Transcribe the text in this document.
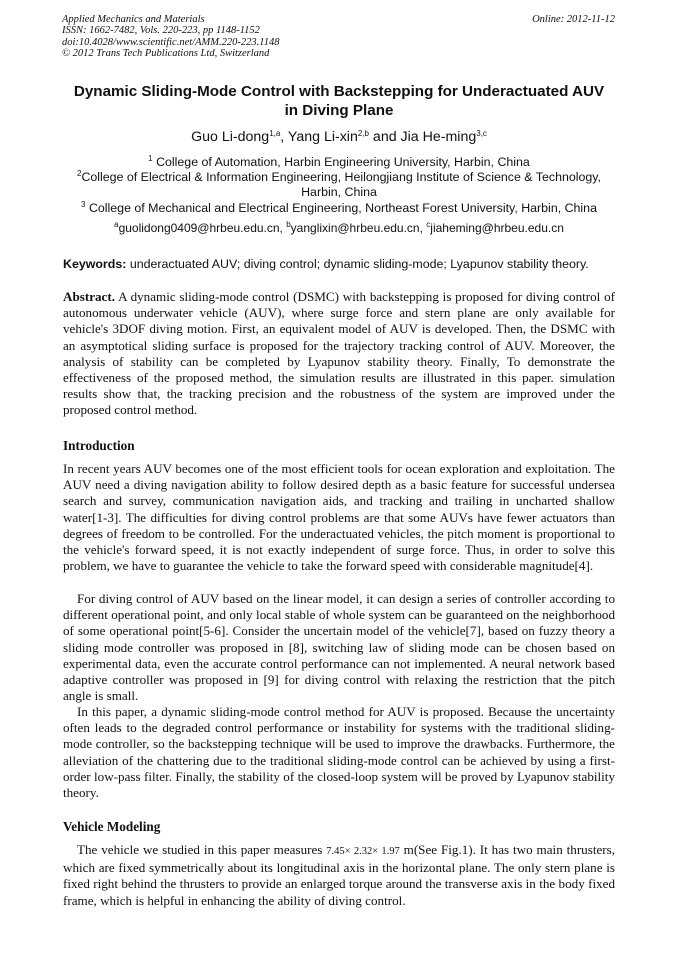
Applied Mechanics and Materials
ISSN: 1662-7482, Vols. 220-223, pp 1148-1152
doi:10.4028/www.scientific.net/AMM.220-223.1148
© 2012 Trans Tech Publications Ltd, Switzerland
Online: 2012-11-12
Dynamic Sliding-Mode Control with Backstepping for Underactuated AUV in Diving Plane
Guo Li-dong$^{1,a}$, Yang Li-xin$^{2,b}$ and Jia He-ming$^{3,c}$
$^1$ College of Automation, Harbin Engineering University, Harbin, China
$^2$College of Electrical & Information Engineering, Heilongjiang Institute of Science & Technology, Harbin, China
$^3$ College of Mechanical and Electrical Engineering, Northeast Forest University, Harbin, China
$^a$guolidong0409@hrbeu.edu.cn, $^b$yanglixin@hrbeu.edu.cn, $^c$jiaheming@hrbeu.edu.cn
Keywords: underactuated AUV; diving control; dynamic sliding-mode; Lyapunov stability theory.
Abstract. A dynamic sliding-mode control (DSMC) with backstepping is proposed for diving control of autonomous underwater vehicle (AUV), where surge force and stern plane are only available for vehicle's 3DOF diving motion. First, an equivalent model of AUV is developed. Then, the DSMC with an asymptotical sliding surface is proposed for the trajectory tracking control of AUV. Moreover, the analysis of stability can be completed by Lyapunov stability theory. Finally, To demonstrate the effectiveness of the proposed method, the simulation results are illustrated in this paper. simulation results show that, the tracking precision and the robustness of the system are improved under the proposed control method.
Introduction
In recent years AUV becomes one of the most efficient tools for ocean exploration and exploitation. The AUV need a diving navigation ability to follow desired depth as a basic feature for successful undersea search and survey, communication navigation aids, and tracking and trailing in uncharted shallow water[1-3]. The difficulties for diving control problems are that some AUVs have fewer actuators than degrees of freedom to be controlled. For the underactuated vehicles, the pitch moment is proportional to the vehicle's forward speed, it is not exactly independent of surge force. Thus, in order to solve this problem, we have to guarantee the vehicle to take the forward speed with considerable magnitude[4].
For diving control of AUV based on the linear model, it can design a series of controller according to different operational point, and only local stable of whole system can be guaranteed on the neighborhood of some operational point[5-6]. Consider the uncertain model of the vehicle[7], based on fuzzy theory a sliding mode controller was proposed in [8], switching law of sliding mode can be chosen based on experimental data, even the accurate control performance can not implemented. A neural network based adaptive controller was proposed in [9] for diving control with relaxing the restriction that the pitch angle is small.
In this paper, a dynamic sliding-mode control method for AUV is proposed. Because the uncertainty often leads to the degraded control performance or instability for systems with the traditional sliding-mode controller, so the backstepping technique will be used to improve the drawbacks. Furthermore, the alleviation of the chattering due to the traditional sliding-mode control can be achieved by using a first-order low-pass filter. Finally, the stability of the closed-loop system will be proved by Lyapunov stability theory.
Vehicle Modeling
The vehicle we studied in this paper measures 7.45× 2.32× 1.97 m(See Fig.1). It has two main thrusters, which are fixed symmetrically about its longitudinal axis in the horizontal plane. The only stern plane is fixed right behind the thrusters to provide an enlarged torque around the transverse axis in the body fixed frame, which is helpful in enhancing the ability of diving control.
